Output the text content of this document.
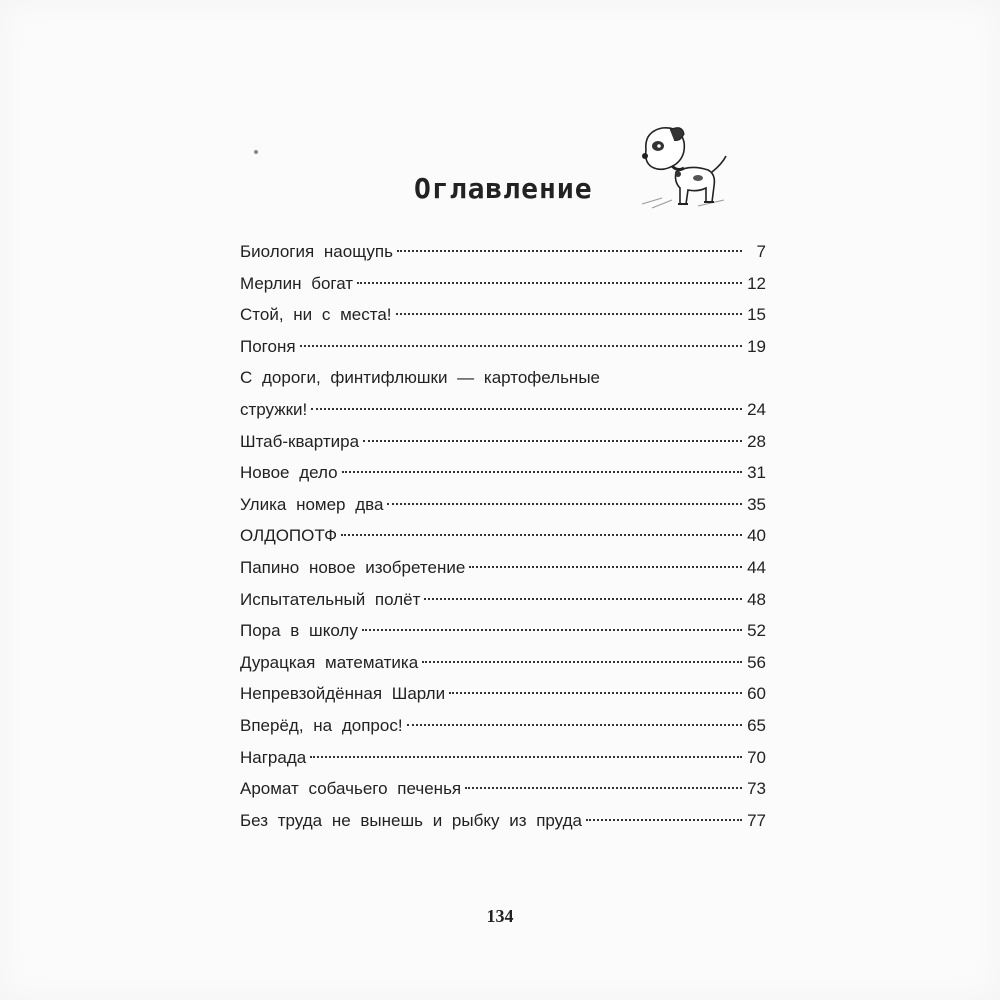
Оглавление
Биология наощупь	7
Мерлин богат	12
Стой, ни с места!	15
Погоня	19
С дороги, финтифлюшки — картофельные
стружки!	24
Штаб-квартира	28
Новое дело	31
Улика номер два	35
ОЛДОПОТФ	40
Папино новое изобретение	44
Испытательный полёт	48
Пора в школу	52
Дурацкая математика	56
Непревзойдённая Шарли	60
Вперёд, на допрос!	65
Награда	70
Аромат собачьего печенья	73
Без труда не вынешь и рыбку из пруда	77
134
